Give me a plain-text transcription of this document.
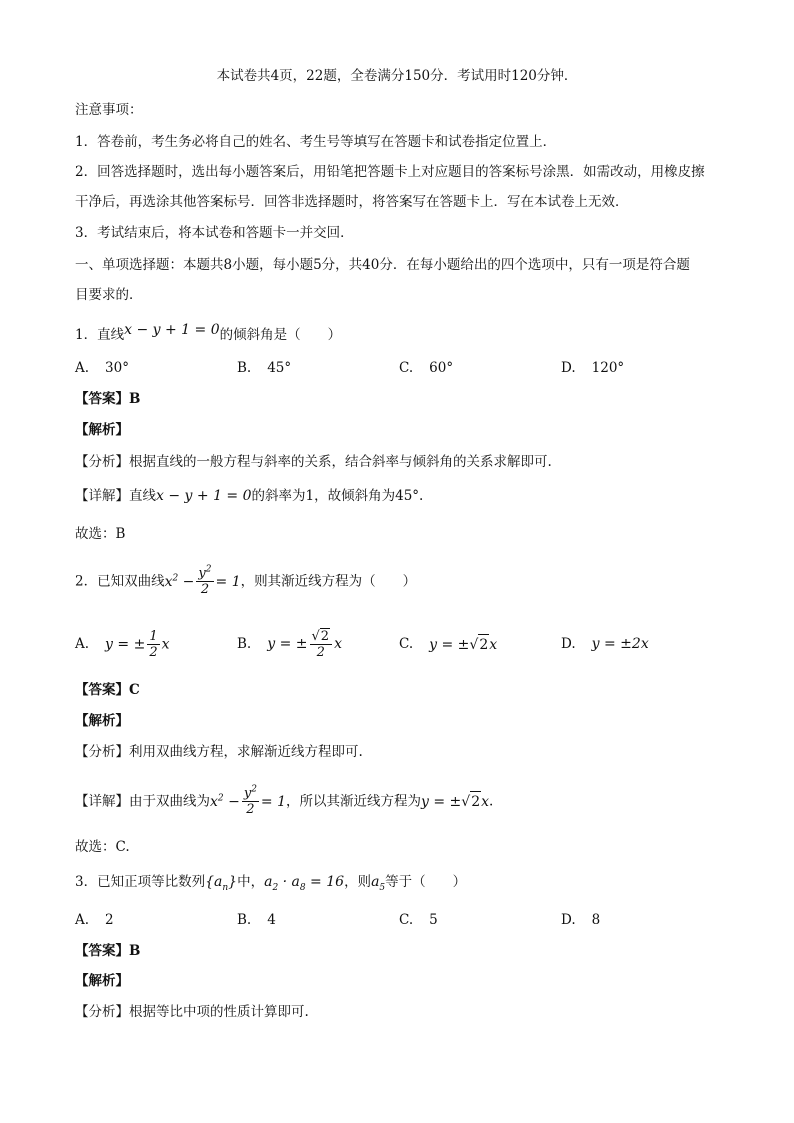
本试卷共4页，22题，全卷满分150分．考试用时120分钟．
注意事项：
1．答卷前，考生务必将自己的姓名、考生号等填写在答题卡和试卷指定位置上．
2．回答选择题时，选出每小题答案后，用铅笔把答题卡上对应题目的答案标号涂黑．如需改动，用橡皮擦
干净后，再选涂其他答案标号．回答非选择题时，将答案写在答题卡上．写在本试卷上无效．
3．考试结束后，将本试卷和答题卡一并交回．
一、单项选择题：本题共8小题，每小题5分，共40分．在每小题给出的四个选项中，只有一项是符合题
目要求的．
1．直线x − y + 1 = 0的倾斜角是（　　）
A. 30°	B. 45°	C. 60°	D. 120°
【答案】B
【解析】
【分析】根据直线的一般方程与斜率的关系，结合斜率与倾斜角的关系求解即可.
【详解】直线x − y + 1 = 0的斜率为1，故倾斜角为45°.
故选：B
2．已知双曲线$x^2 - \frac{y^2}{2} = 1$，则其渐近线方程为（　　）
A. y = ± $\frac{1}{2}$ x	B. y = ± $\frac{√ 2}{2}$ x	C. y = ±√ 2 x	D. y = ±2x
【答案】C
【解析】
【分析】利用双曲线方程，求解渐近线方程即可.
【详解】由于双曲线为$x^2 - \frac{y^2}{2} = 1$，所以其渐近线方程为y = ±√ 2 x.
故选：C.
3．已知正项等比数列$\{a_n\}$中，$a_2 \cdot a_8 = 16$，则$a_5$等于（　　）
A. 2	B. 4	C. 5	D. 8
【答案】B
【解析】
【分析】根据等比中项的性质计算即可.
